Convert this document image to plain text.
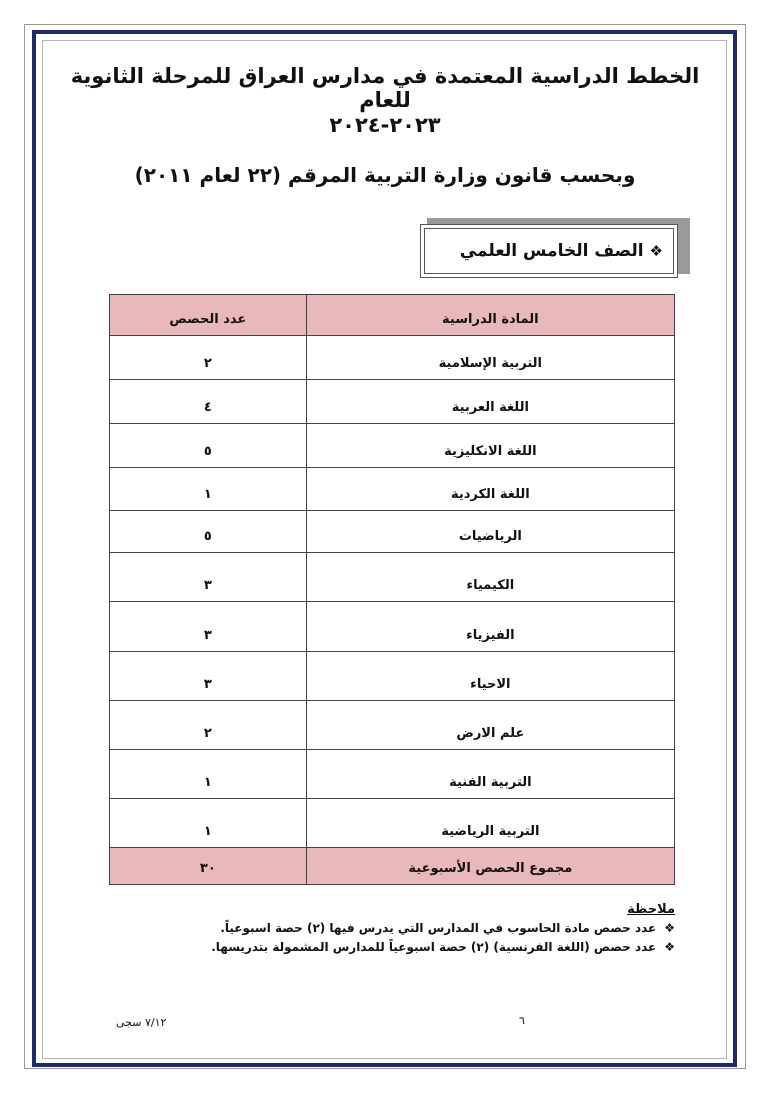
الخطط الدراسية المعتمدة في مدارس العراق للمرحلة الثانوية للعام
٢٠٢٣-٢٠٢٤
وبحسب قانون وزارة التربية المرقم (٢٢ لعام ٢٠١١)
❖
الصف الخامس العلمي
المادة الدراسية	عدد الحصص
التربية الإسلامية	٢
اللغة العربية	٤
اللغة الانكليزية	٥
اللغة الكردية	١
الرياضيات	٥
الكيمياء	٣
الفيزياء	٣
الاحياء	٣
علم الارض	٢
التربية الفنية	١
التربية الرياضية	١
مجموع الحصص الأسبوعية	٣٠
ملاحظة
❖عدد حصص مادة الحاسوب في المدارس التي يدرس فيها (٢) حصة اسبوعياً.
❖عدد حصص (اللغة الفرنسية) (٢) حصة اسبوعياً للمدارس المشمولة بتدريسها.
٦
٧/١٢ سجى
